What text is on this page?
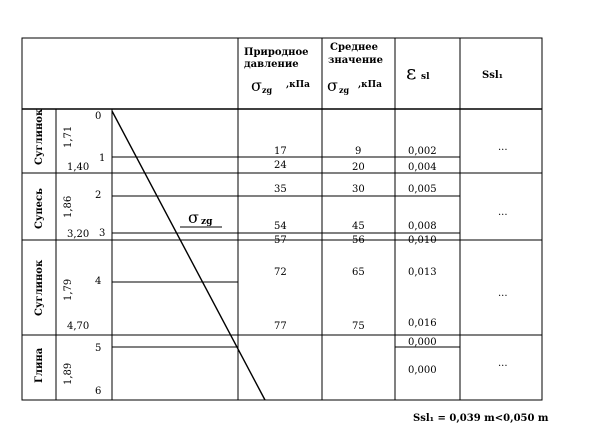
Природное
давление
σ zg ,кПа
Среднее
значение
σ zg ,кПа
ε sl	Ssl₁
Суглинок
Супесь
Суглинок
Глина
1,71
1,86
1,79
1,89
1,40
3,20
4,70
0
1
2
3
4
5
6
σ zg
17
24
35
54
57
72
77
9
20
30
45
56
65
75
0,002
0,004
0,005
0,008
0,010
0,013
0,016
0,000
0,000
...
...
...
...
Ssl₁ = 0,039 m<0,050 m
